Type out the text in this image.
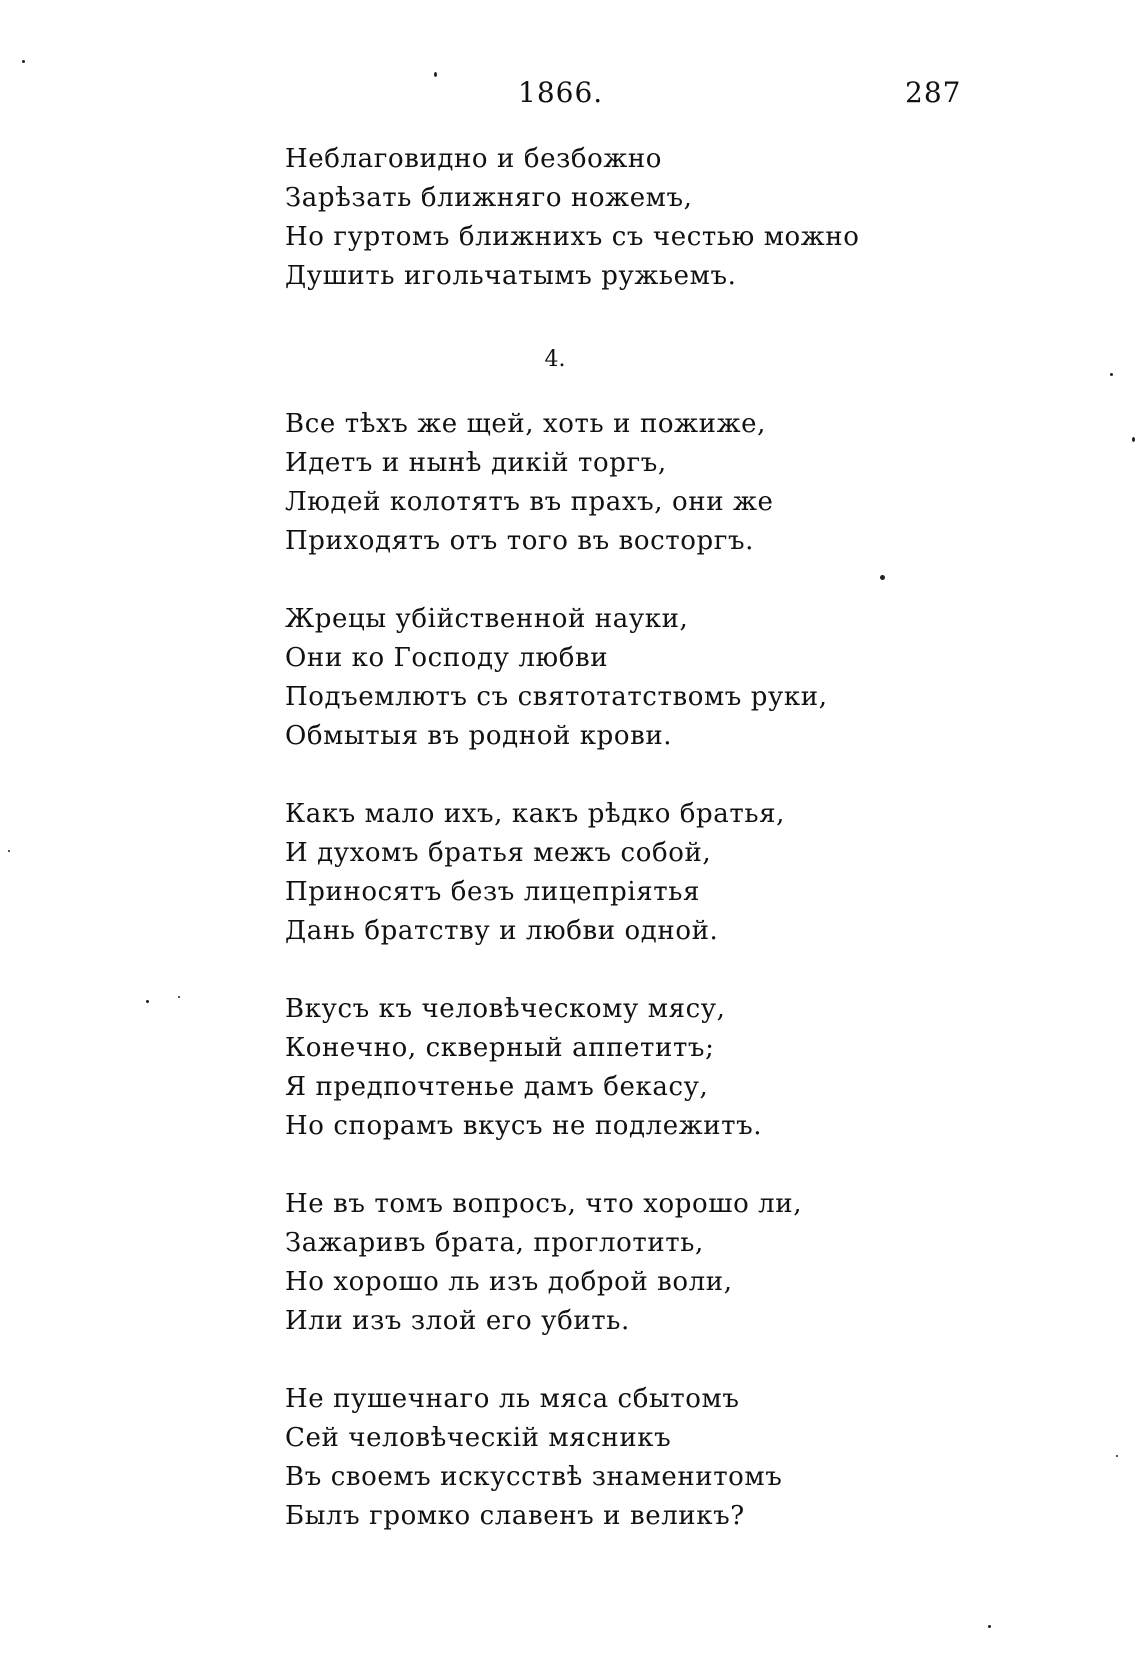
1866.	287
Неблаговидно и безбожно
Зарѣзать ближняго ножемъ,
Но гуртомъ ближнихъ съ честью можно
Душить игольчатымъ ружьемъ.
4.
Все тѣхъ же щей, хоть и пожиже,
Идетъ и нынѣ дикій торгъ,
Людей колотятъ въ прахъ, они же
Приходятъ отъ того въ восторгъ.
Жрецы убійственной науки,
Они ко Господу любви
Подъемлютъ съ святотатствомъ руки,
Обмытыя въ родной крови.
Какъ мало ихъ, какъ рѣдко братья,
И духомъ братья межъ собой,
Приносятъ безъ лицепріятья
Дань братству и любви одной.
Вкусъ къ человѣческому мясу,
Конечно, скверный аппетитъ;
Я предпочтенье дамъ бекасу,
Но спорамъ вкусъ не подлежитъ.
Не въ томъ вопросъ, что хорошо ли,
Зажаривъ брата, проглотить,
Но хорошо ль изъ доброй воли,
Или изъ злой его убить.
Не пушечнаго ль мяса сбытомъ
Сей человѣческій мясникъ
Въ своемъ искусствѣ знаменитомъ
Былъ громко славенъ и великъ?
